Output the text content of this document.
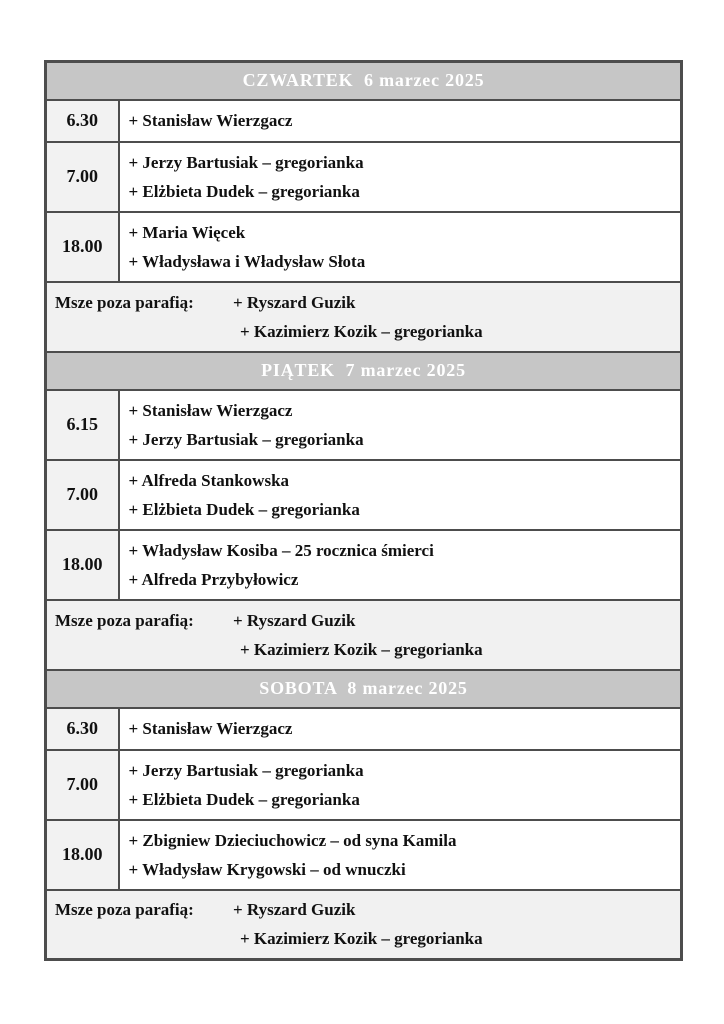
CZWARTEK  6 marzec 2025	
6.30	+ Stanisław Wierzgacz

7.00	+ Jerzy Bartusiak – gregorianka
+ Elżbieta Dudek – gregorianka

18.00	+ Maria Więcek
+ Władysława i Władysław Słota

Msze poza parafią: + Ryszard Guzik
+ Kazimierz Kozik – gregorianka	

PIĄTEK  7 marzec 2025	
6.15	+ Stanisław Wierzgacz
+ Jerzy Bartusiak – gregorianka

7.00	+ Alfreda Stankowska
+ Elżbieta Dudek – gregorianka

18.00	+ Władysław Kosiba – 25 rocznica śmierci
+ Alfreda Przybyłowicz

Msze poza parafią: + Ryszard Guzik
+ Kazimierz Kozik – gregorianka	

SOBOTA  8 marzec 2025	
6.30	+ Stanisław Wierzgacz

7.00	+ Jerzy Bartusiak – gregorianka
+ Elżbieta Dudek – gregorianka

18.00	+ Zbigniew Dzieciuchowicz – od syna Kamila
+ Władysław Krygowski – od wnuczki

Msze poza parafią: + Ryszard Guzik
+ Kazimierz Kozik – gregorianka	
